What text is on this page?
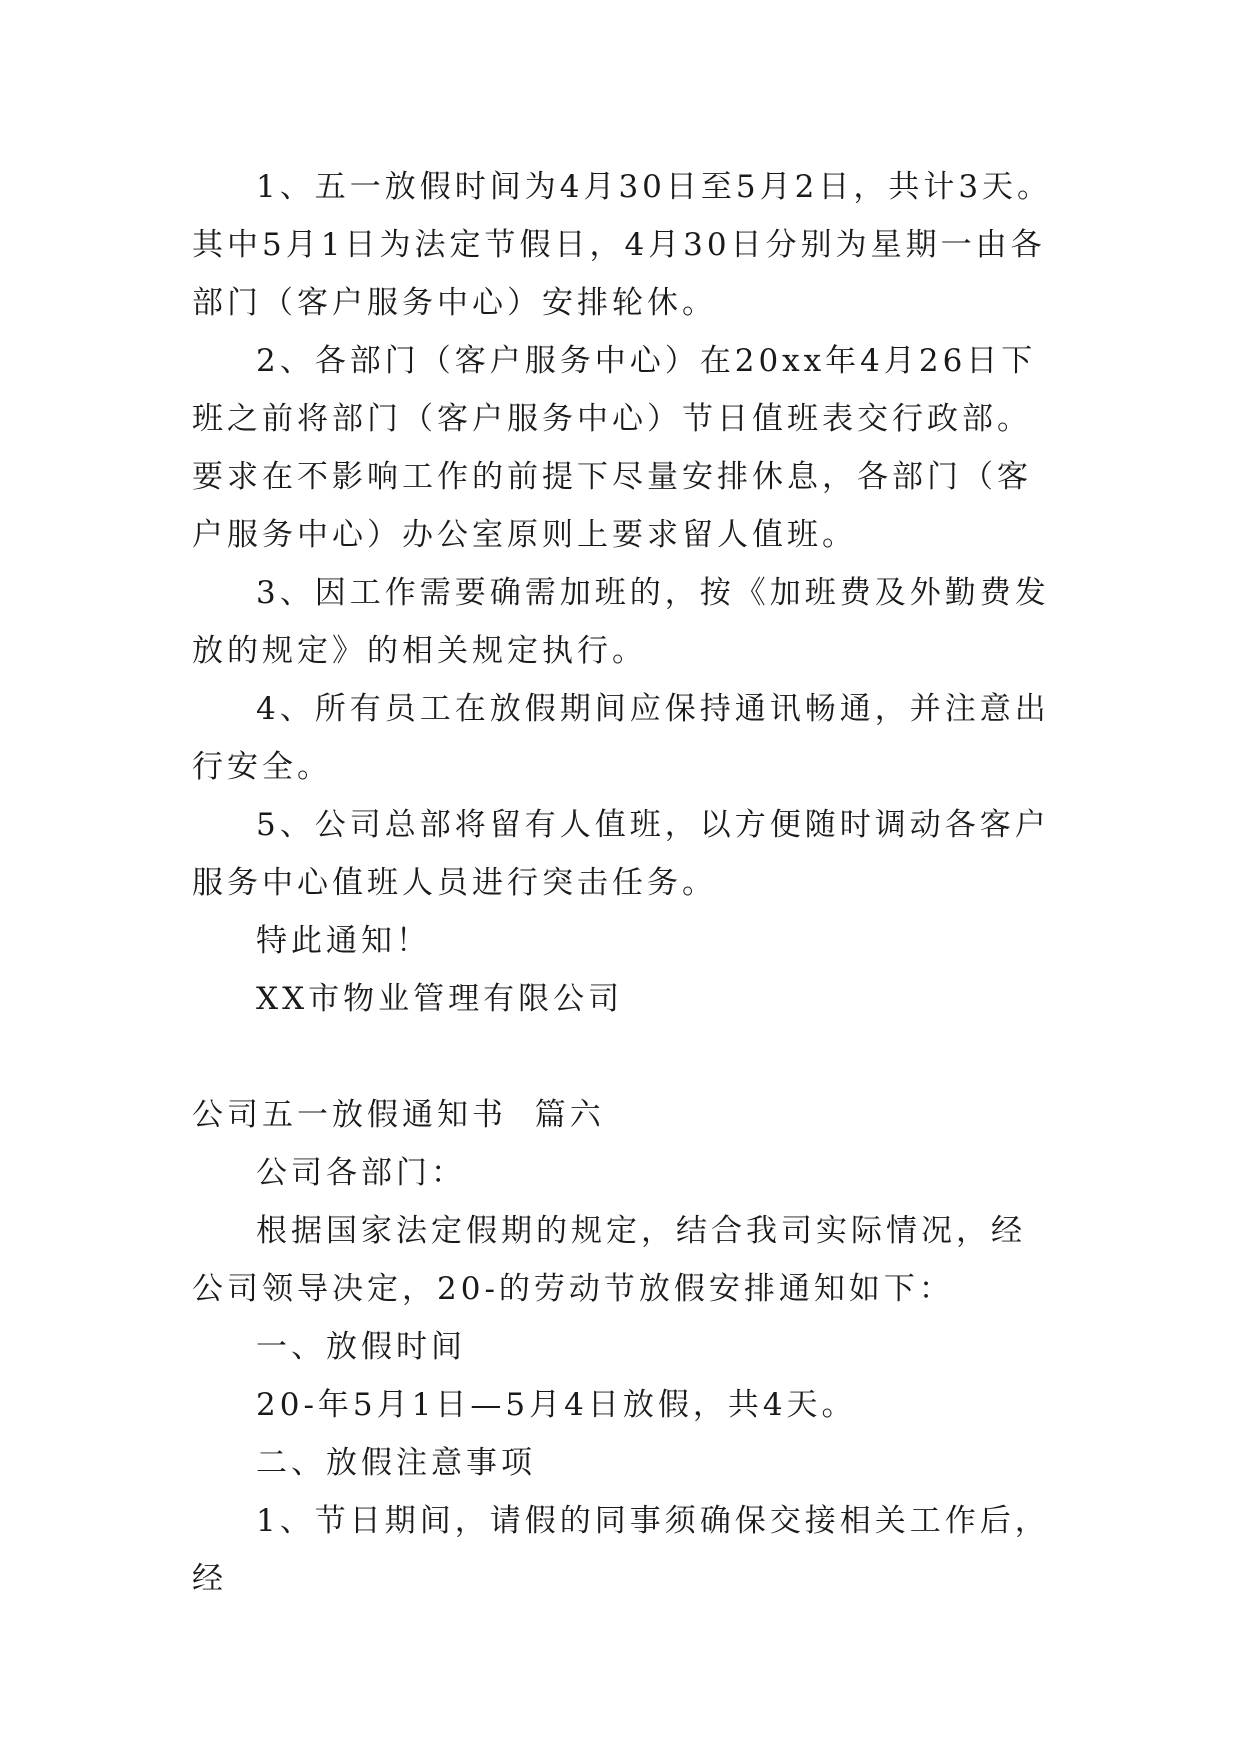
1、五一放假时间为4月30日至5月2日，共计3天。其中5月1日为法定节假日，4月30日分别为星期一由各部门（客户服务中心）安排轮休。

2、各部门（客户服务中心）在20xx年4月26日下班之前将部门（客户服务中心）节日值班表交行政部。要求在不影响工作的前提下尽量安排休息，各部门（客户服务中心）办公室原则上要求留人值班。

3、因工作需要确需加班的，按《加班费及外勤费发放的规定》的相关规定执行。

4、所有员工在放假期间应保持通讯畅通，并注意出行安全。

5、公司总部将留有人值班，以方便随时调动各客户服务中心值班人员进行突击任务。

特此通知！

XX市物业管理有限公司

公司五一放假通知书  篇六

公司各部门：

根据国家法定假期的规定，结合我司实际情况，经公司领导决定，20-的劳动节放假安排通知如下：

一、放假时间

20-年5月1日—5月4日放假，共4天。

二、放假注意事项

1、节日期间，请假的同事须确保交接相关工作后，经
